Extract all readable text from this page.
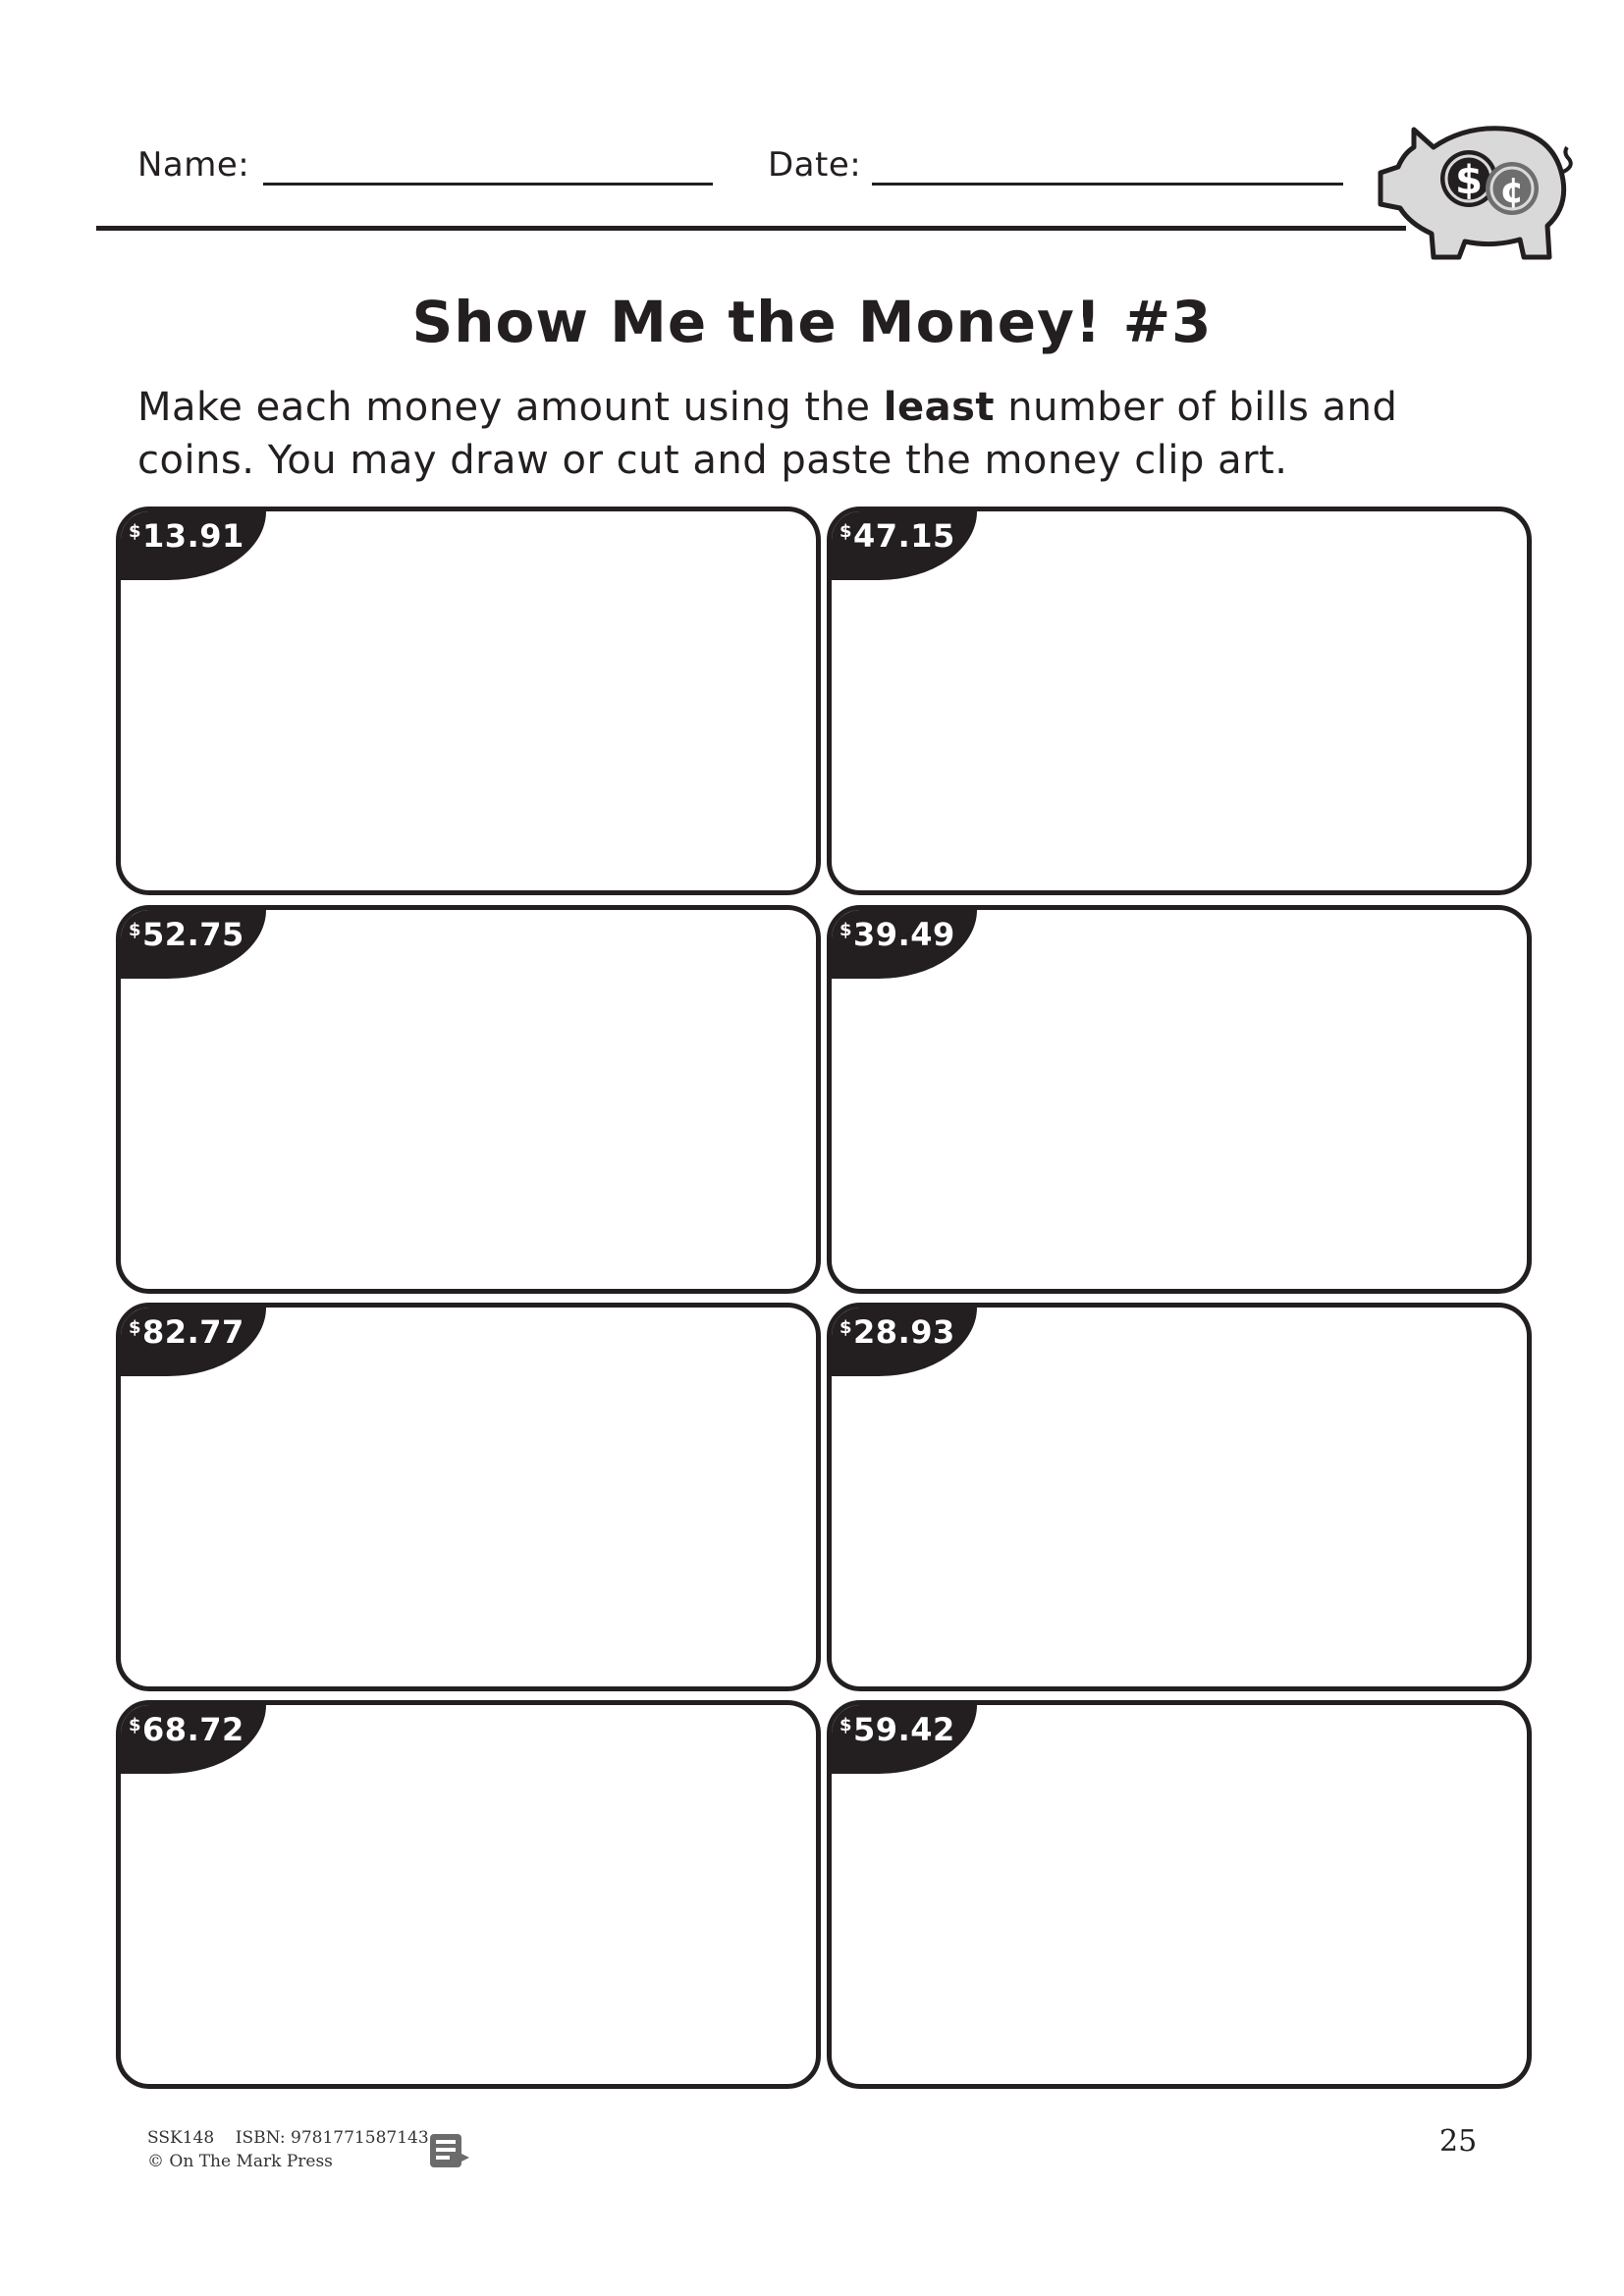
Name:	Date:	$ ¢
Show Me the Money! #3
Make each money amount using the least number of bills and coins. You may draw or cut and paste the money clip art.
$13.91	$47.15
$52.75	$39.49
$82.77	$28.93
$68.72	$59.42
SSK148 ISBN: 9781771587143
© On The Mark Press
25
